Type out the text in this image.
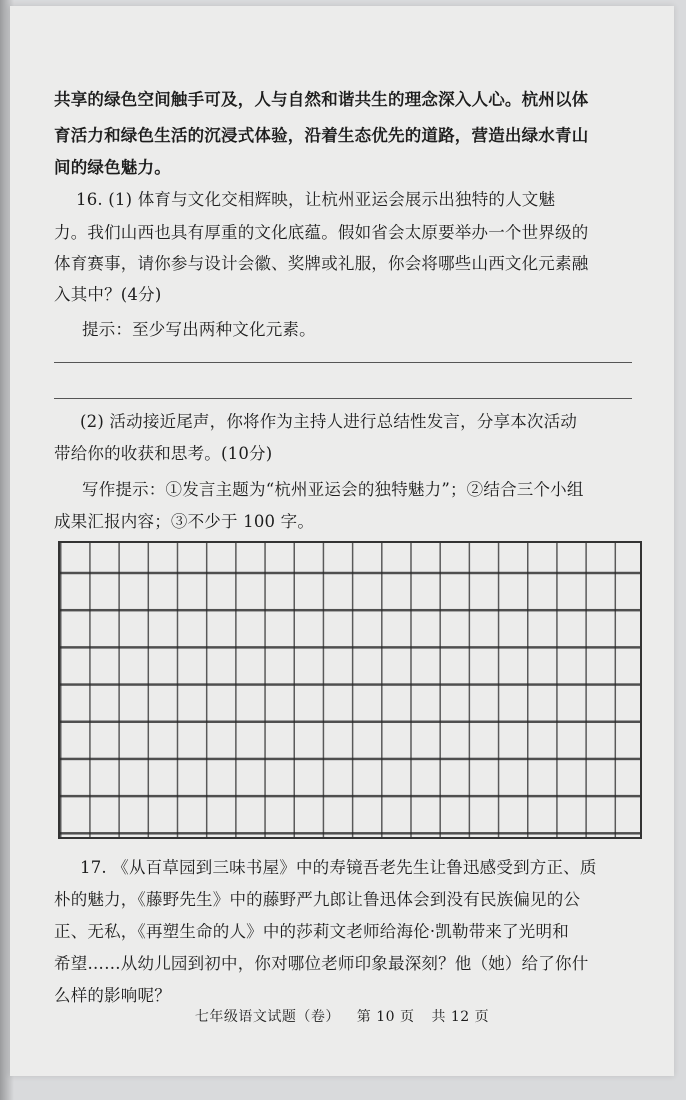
共享的绿色空间触手可及，人与自然和谐共生的理念深入人心。杭州以体
育活力和绿色生活的沉浸式体验，沿着生态优先的道路，营造出绿水青山
间的绿色魅力。
16. (1) 体育与文化交相辉映，让杭州亚运会展示出独特的人文魅
力。我们山西也具有厚重的文化底蕴。假如省会太原要举办一个世界级的
体育赛事，请你参与设计会徽、奖牌或礼服，你会将哪些山西文化元素融
入其中？(4分)
提示：至少写出两种文化元素。
(2) 活动接近尾声，你将作为主持人进行总结性发言，分享本次活动
带给你的收获和思考。(10分)
写作提示：①发言主题为“杭州亚运会的独特魅力”；②结合三个小组
成果汇报内容；③不少于 100 字。
17. 《从百草园到三味书屋》中的寿镜吾老先生让鲁迅感受到方正、质
朴的魅力，《藤野先生》中的藤野严九郎让鲁迅体会到没有民族偏见的公
正、无私，《再塑生命的人》中的莎莉文老师给海伦·凯勒带来了光明和
希望……从幼儿园到初中，你对哪位老师印象最深刻？他（她）给了你什
么样的影响呢？
七年级语文试题（卷） 第 10 页 共 12 页
